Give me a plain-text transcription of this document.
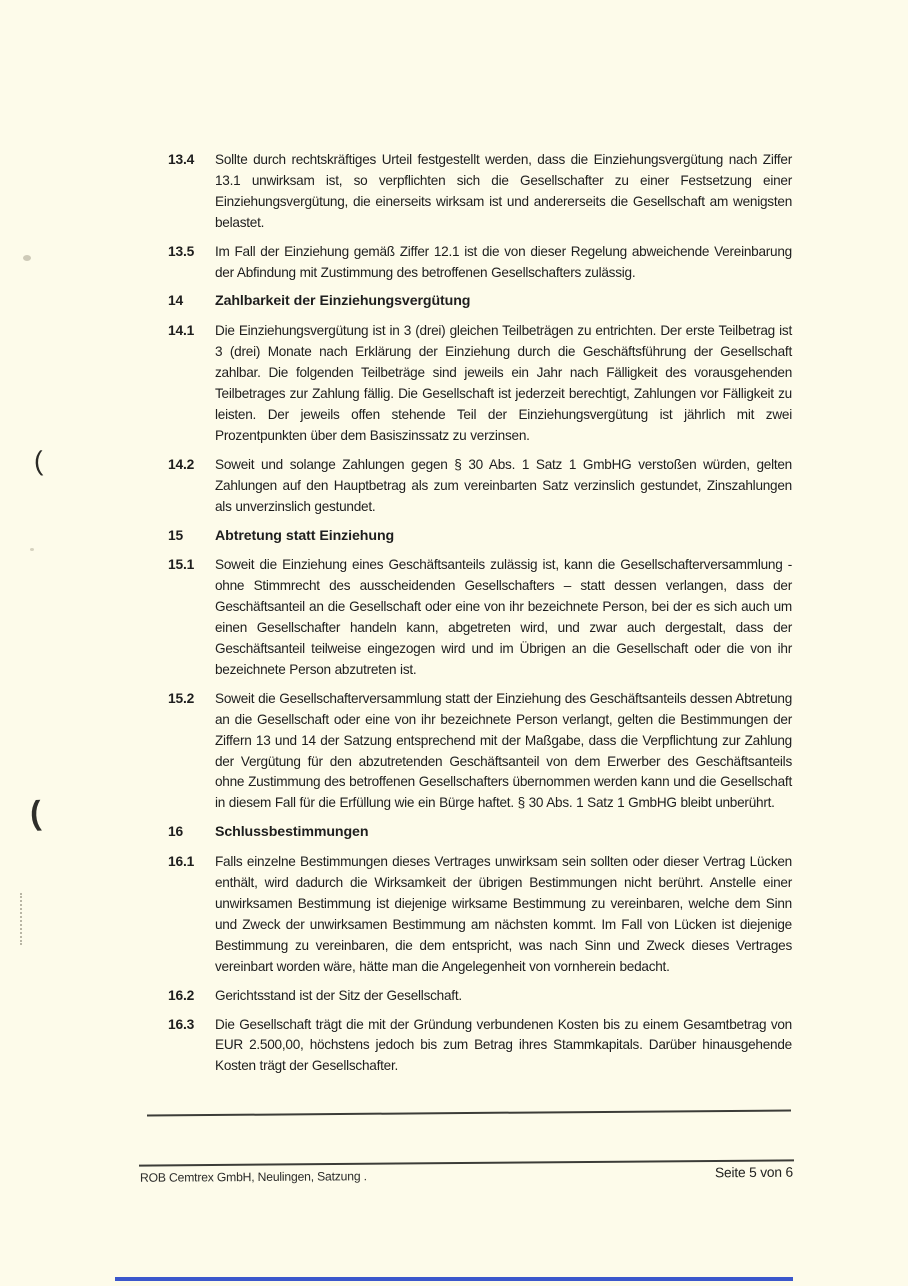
13.4	Sollte durch rechtskräftiges Urteil festgestellt werden, dass die Einziehungsvergütung nach Ziffer 13.1 unwirksam ist, so verpflichten sich die Gesellschafter zu einer Festsetzung einer Einziehungsvergütung, die einerseits wirksam ist und andererseits die Gesellschaft am wenigsten belastet.
13.5	Im Fall der Einziehung gemäß Ziffer 12.1 ist die von dieser Regelung abweichende Vereinbarung der Abfindung mit Zustimmung des betroffenen Gesellschafters zulässig.
14	Zahlbarkeit der Einziehungsvergütung
14.1	Die Einziehungsvergütung ist in 3 (drei) gleichen Teilbeträgen zu entrichten. Der erste Teilbetrag ist 3 (drei) Monate nach Erklärung der Einziehung durch die Geschäftsführung der Gesellschaft zahlbar. Die folgenden Teilbeträge sind jeweils ein Jahr nach Fälligkeit des vorausgehenden Teilbetrages zur Zahlung fällig. Die Gesellschaft ist jederzeit berechtigt, Zahlungen vor Fälligkeit zu leisten. Der jeweils offen stehende Teil der Einziehungsvergütung ist jährlich mit zwei Prozentpunkten über dem Basiszinssatz zu verzinsen.
14.2	Soweit und solange Zahlungen gegen § 30 Abs. 1 Satz 1 GmbHG verstoßen würden, gelten Zahlungen auf den Hauptbetrag als zum vereinbarten Satz verzinslich gestundet, Zinszahlungen als unverzinslich gestundet.
15	Abtretung statt Einziehung
15.1	Soweit die Einziehung eines Geschäftsanteils zulässig ist, kann die Gesellschafterversammlung - ohne Stimmrecht des ausscheidenden Gesellschafters – statt dessen verlangen, dass der Geschäftsanteil an die Gesellschaft oder eine von ihr bezeichnete Person, bei der es sich auch um einen Gesellschafter handeln kann, abgetreten wird, und zwar auch dergestalt, dass der Geschäftsanteil teilweise eingezogen wird und im Übrigen an die Gesellschaft oder die von ihr bezeichnete Person abzutreten ist.
15.2	Soweit die Gesellschafterversammlung statt der Einziehung des Geschäftsanteils dessen Abtretung an die Gesellschaft oder eine von ihr bezeichnete Person verlangt, gelten die Bestimmungen der Ziffern 13 und 14 der Satzung entsprechend mit der Maßgabe, dass die Verpflichtung zur Zahlung der Vergütung für den abzutretenden Geschäftsanteil von dem Erwerber des Geschäftsanteils ohne Zustimmung des betroffenen Gesellschafters übernommen werden kann und die Gesellschaft in diesem Fall für die Erfüllung wie ein Bürge haftet. § 30 Abs. 1 Satz 1 GmbHG bleibt unberührt.
16	Schlussbestimmungen
16.1	Falls einzelne Bestimmungen dieses Vertrages unwirksam sein sollten oder dieser Vertrag Lücken enthält, wird dadurch die Wirksamkeit der übrigen Bestimmungen nicht berührt. Anstelle einer unwirksamen Bestimmung ist diejenige wirksame Bestimmung zu vereinbaren, welche dem Sinn und Zweck der unwirksamen Bestimmung am nächsten kommt. Im Fall von Lücken ist diejenige Bestimmung zu vereinbaren, die dem entspricht, was nach Sinn und Zweck dieses Vertrages vereinbart worden wäre, hätte man die Angelegenheit von vornherein bedacht.
16.2	Gerichtsstand ist der Sitz der Gesellschaft.
16.3	Die Gesellschaft trägt die mit der Gründung verbundenen Kosten bis zu einem Gesamtbetrag von EUR 2.500,00, höchstens jedoch bis zum Betrag ihres Stammkapitals. Darüber hinausgehende Kosten trägt der Gesellschafter.
(
(
ROB Cemtrex GmbH, Neulingen, Satzung .	Seite 5 von 6
